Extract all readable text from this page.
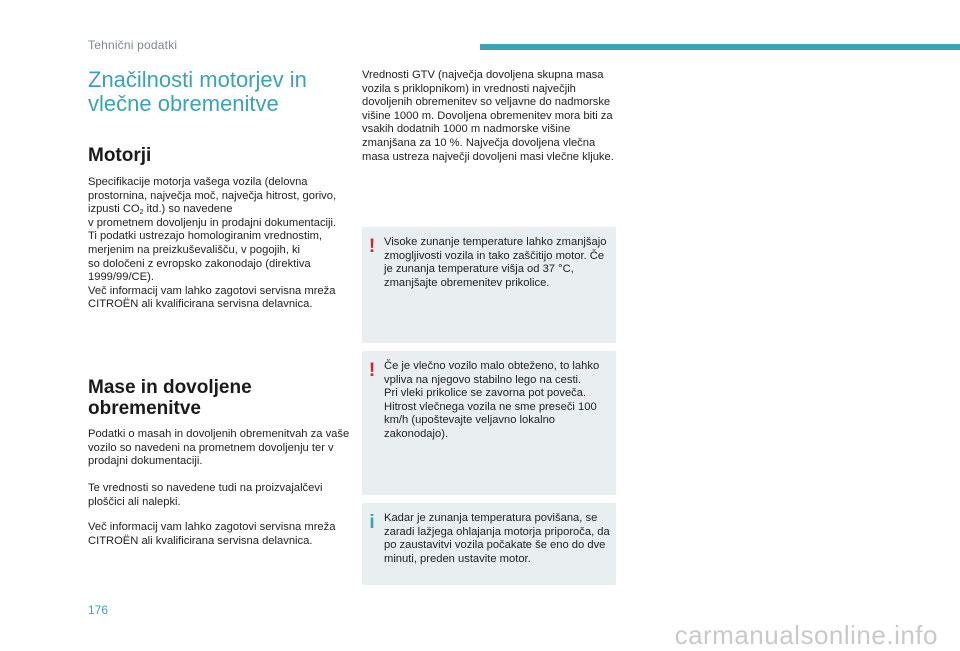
Tehnični podatki
Značilnosti motorjev in vlečne obremenitve
Motorji
Specifikacije motorja vašega vozila (delovna prostornina, največja moč, največja hitrost, gorivo, izpusti $CO_2$ itd.) so navedene
v prometnem dovoljenju in prodajni dokumentaciji.
Ti podatki ustrezajo homologiranim vrednostim, merjenim na preizkuševališču, v pogojih, ki
so določeni z evropsko zakonodajo (direktiva 1999/99/CE).
Več informacij vam lahko zagotovi servisna mreža CITROËN ali kvalificirana servisna delavnica.
Mase in dovoljene obremenitve
Podatki o masah in dovoljenih obremenitvah za vaše vozilo so navedeni na prometnem dovoljenju ter v prodajni dokumentaciji.
Te vrednosti so navedene tudi na proizvajalčevi ploščici ali nalepki.
Več informacij vam lahko zagotovi servisna mreža CITROËN ali kvalificirana servisna delavnica.
Vrednosti GTV (največja dovoljena skupna masa vozila s priklopnikom) in vrednosti največjih dovoljenih obremenitev so veljavne do nadmorske višine 1000 m. Dovoljena obremenitev mora biti za vsakih dodatnih 1000 m nadmorske višine zmanjšana za 10 %. Največja dovoljena vlečna masa ustreza največji dovoljeni masi vlečne kljuke.
! Visoke zunanje temperature lahko zmanjšajo zmogljivosti vozila in tako zaščitijo motor. Če je zunanja temperature višja od 37 °C, zmanjšajte obremenitev prikolice.
! Če je vlečno vozilo malo obteženo, to lahko vpliva na njegovo stabilno lego na cesti.
Pri vleki prikolice se zavorna pot poveča.
Hitrost vlečnega vozila ne sme preseči 100 km/h (upoštevajte veljavno lokalno zakonodajo).
i Kadar je zunanja temperatura povišana, se zaradi lažjega ohlajanja motorja priporoča, da po zaustavitvi vozila počakate še eno do dve minuti, preden ustavite motor.
176
carmanualsonline.info
